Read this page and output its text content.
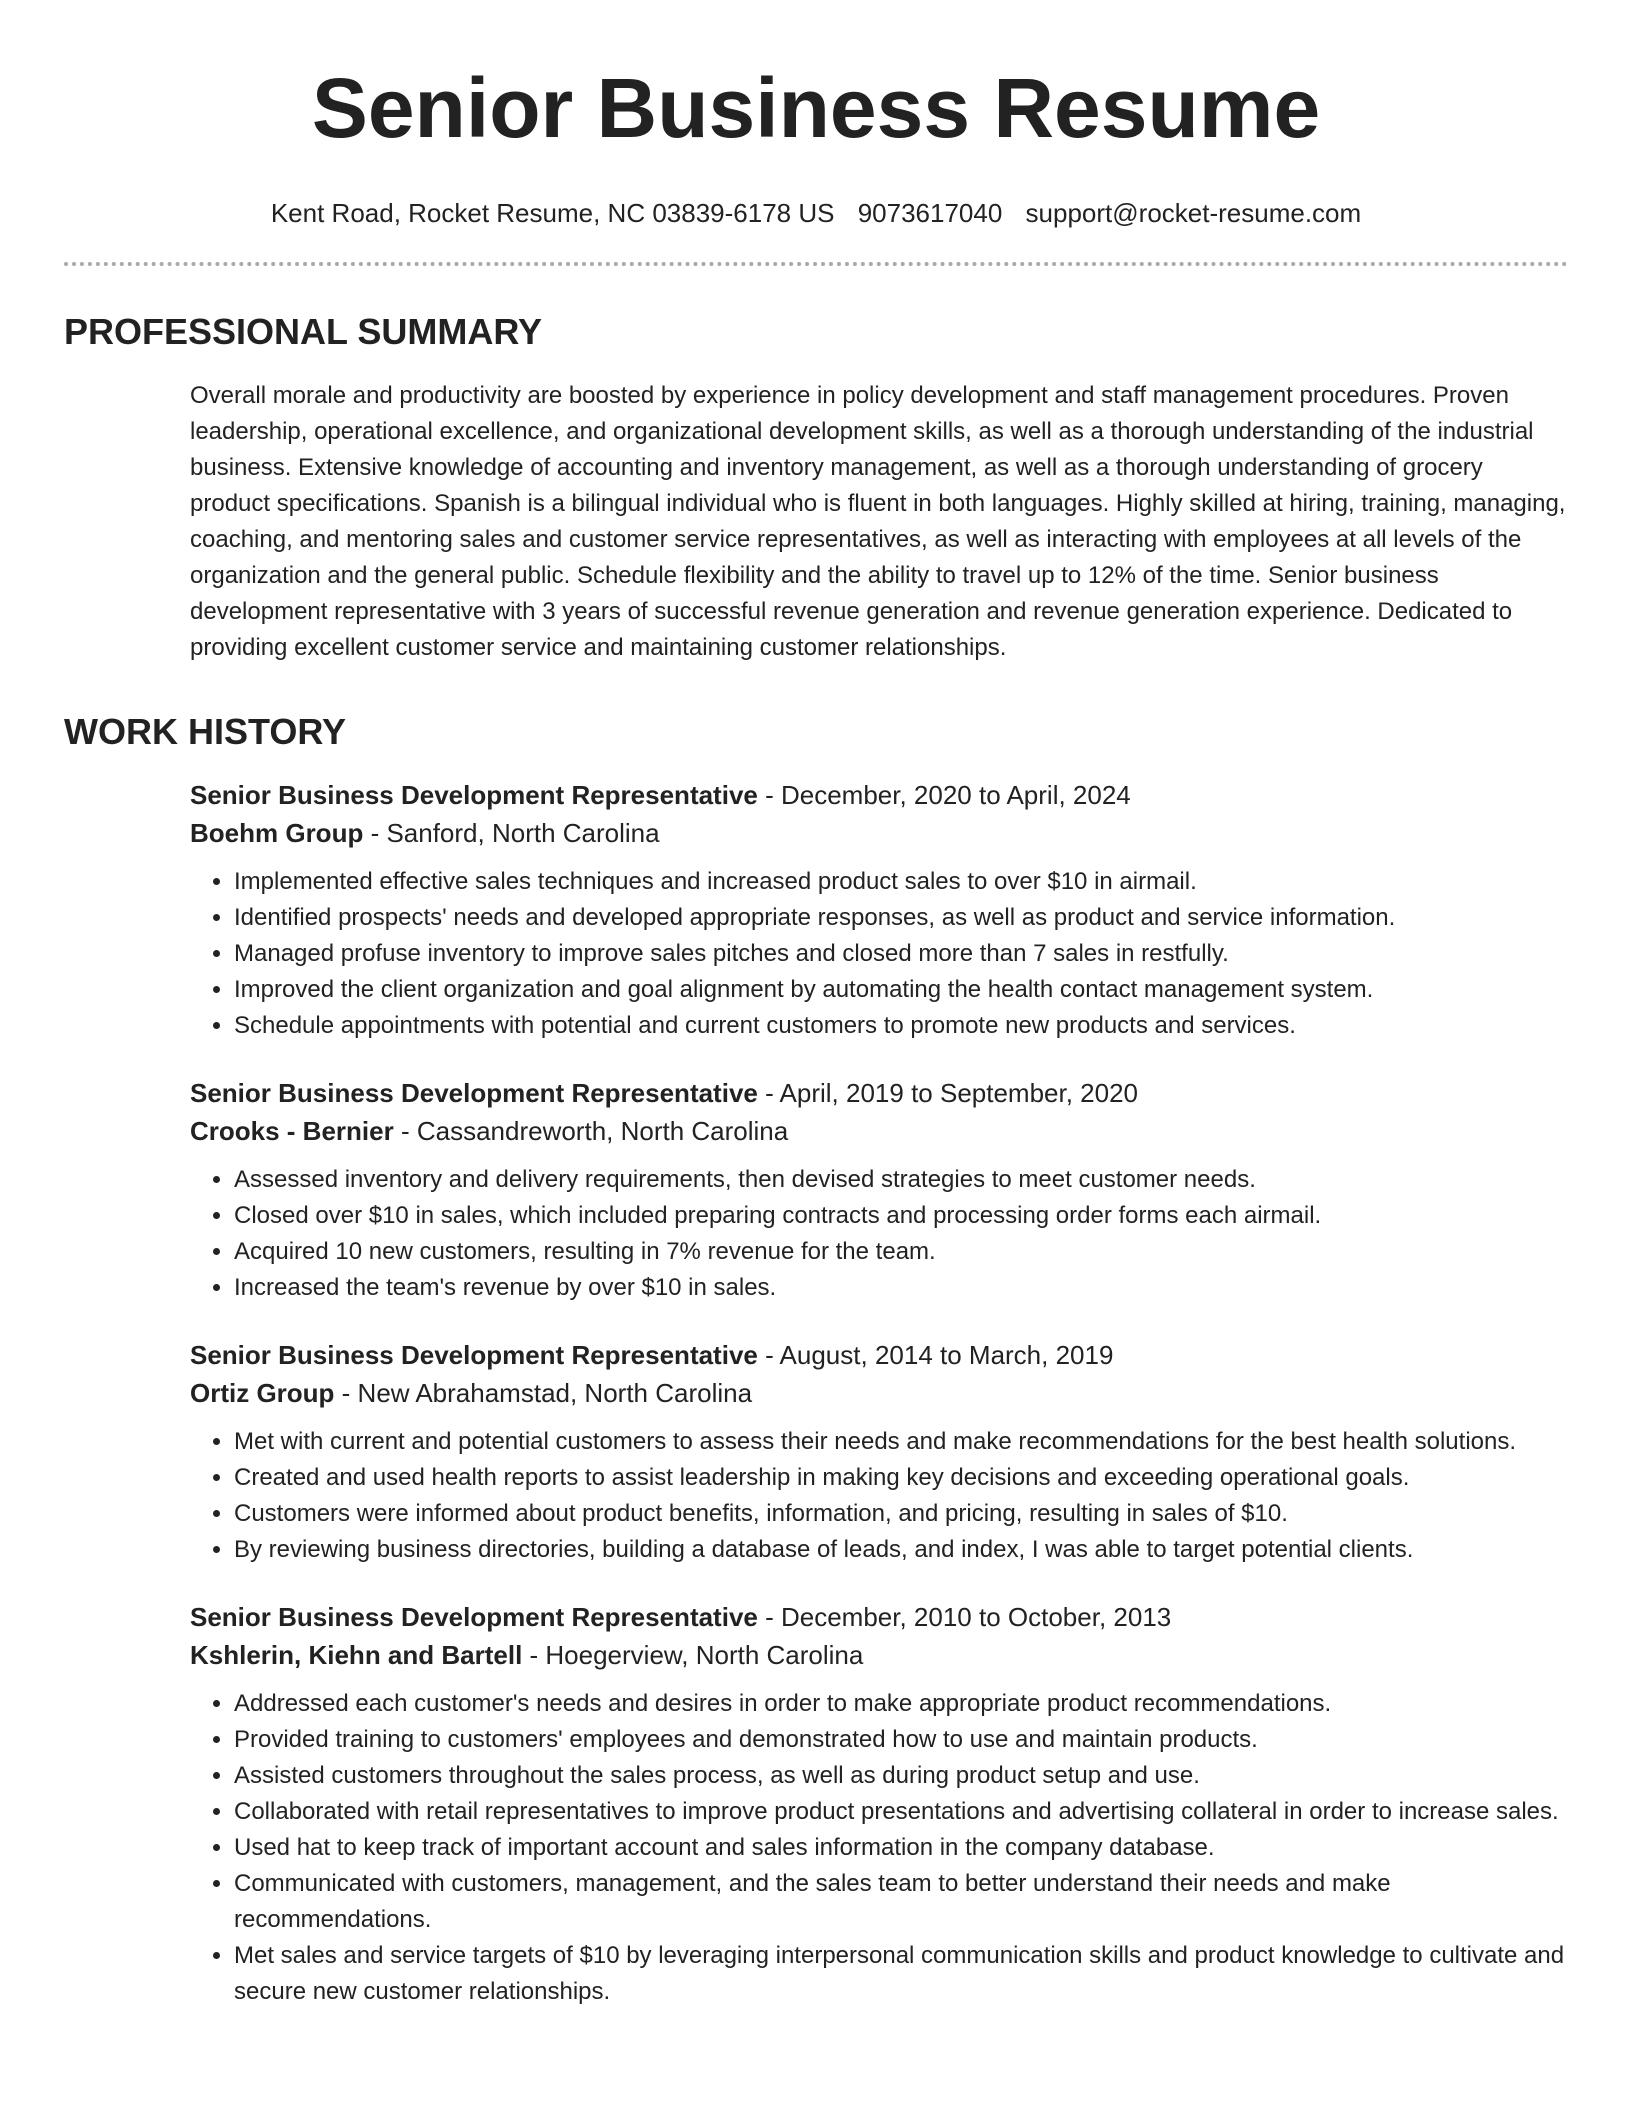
Senior Business Resume
Kent Road, Rocket Resume, NC 03839-6178 US 9073617040 support@rocket-resume.com
PROFESSIONAL SUMMARY

Overall morale and productivity are boosted by experience in policy development and staff management procedures. Proven leadership, operational excellence, and organizational development skills, as well as a thorough understanding of the industrial business. Extensive knowledge of accounting and inventory management, as well as a thorough understanding of grocery product specifications. Spanish is a bilingual individual who is fluent in both languages. Highly skilled at hiring, training, managing, coaching, and mentoring sales and customer service representatives, as well as interacting with employees at all levels of the organization and the general public. Schedule flexibility and the ability to travel up to 12% of the time. Senior business development representative with 3 years of successful revenue generation and revenue generation experience. Dedicated to providing excellent customer service and maintaining customer relationships.

WORK HISTORY
Senior Business Development Representative - December, 2020 to April, 2024
Boehm Group - Sanford, North Carolina
• Implemented effective sales techniques and increased product sales to over $10 in airmail.
• Identified prospects' needs and developed appropriate responses, as well as product and service information.
• Managed profuse inventory to improve sales pitches and closed more than 7 sales in restfully.
• Improved the client organization and goal alignment by automating the health contact management system.
• Schedule appointments with potential and current customers to promote new products and services.
Senior Business Development Representative - April, 2019 to September, 2020
Crooks - Bernier - Cassandreworth, North Carolina
• Assessed inventory and delivery requirements, then devised strategies to meet customer needs.
• Closed over $10 in sales, which included preparing contracts and processing order forms each airmail.
• Acquired 10 new customers, resulting in 7% revenue for the team.
• Increased the team's revenue by over $10 in sales.
Senior Business Development Representative - August, 2014 to March, 2019
Ortiz Group - New Abrahamstad, North Carolina
• Met with current and potential customers to assess their needs and make recommendations for the best health solutions.
• Created and used health reports to assist leadership in making key decisions and exceeding operational goals.
• Customers were informed about product benefits, information, and pricing, resulting in sales of $10.
• By reviewing business directories, building a database of leads, and index, I was able to target potential clients.
Senior Business Development Representative - December, 2010 to October, 2013
Kshlerin, Kiehn and Bartell - Hoegerview, North Carolina
• Addressed each customer's needs and desires in order to make appropriate product recommendations.
• Provided training to customers' employees and demonstrated how to use and maintain products.
• Assisted customers throughout the sales process, as well as during product setup and use.
• Collaborated with retail representatives to improve product presentations and advertising collateral in order to increase sales.
• Used hat to keep track of important account and sales information in the company database.
• Communicated with customers, management, and the sales team to better understand their needs and make recommendations.
• Met sales and service targets of $10 by leveraging interpersonal communication skills and product knowledge to cultivate and secure new customer relationships.
